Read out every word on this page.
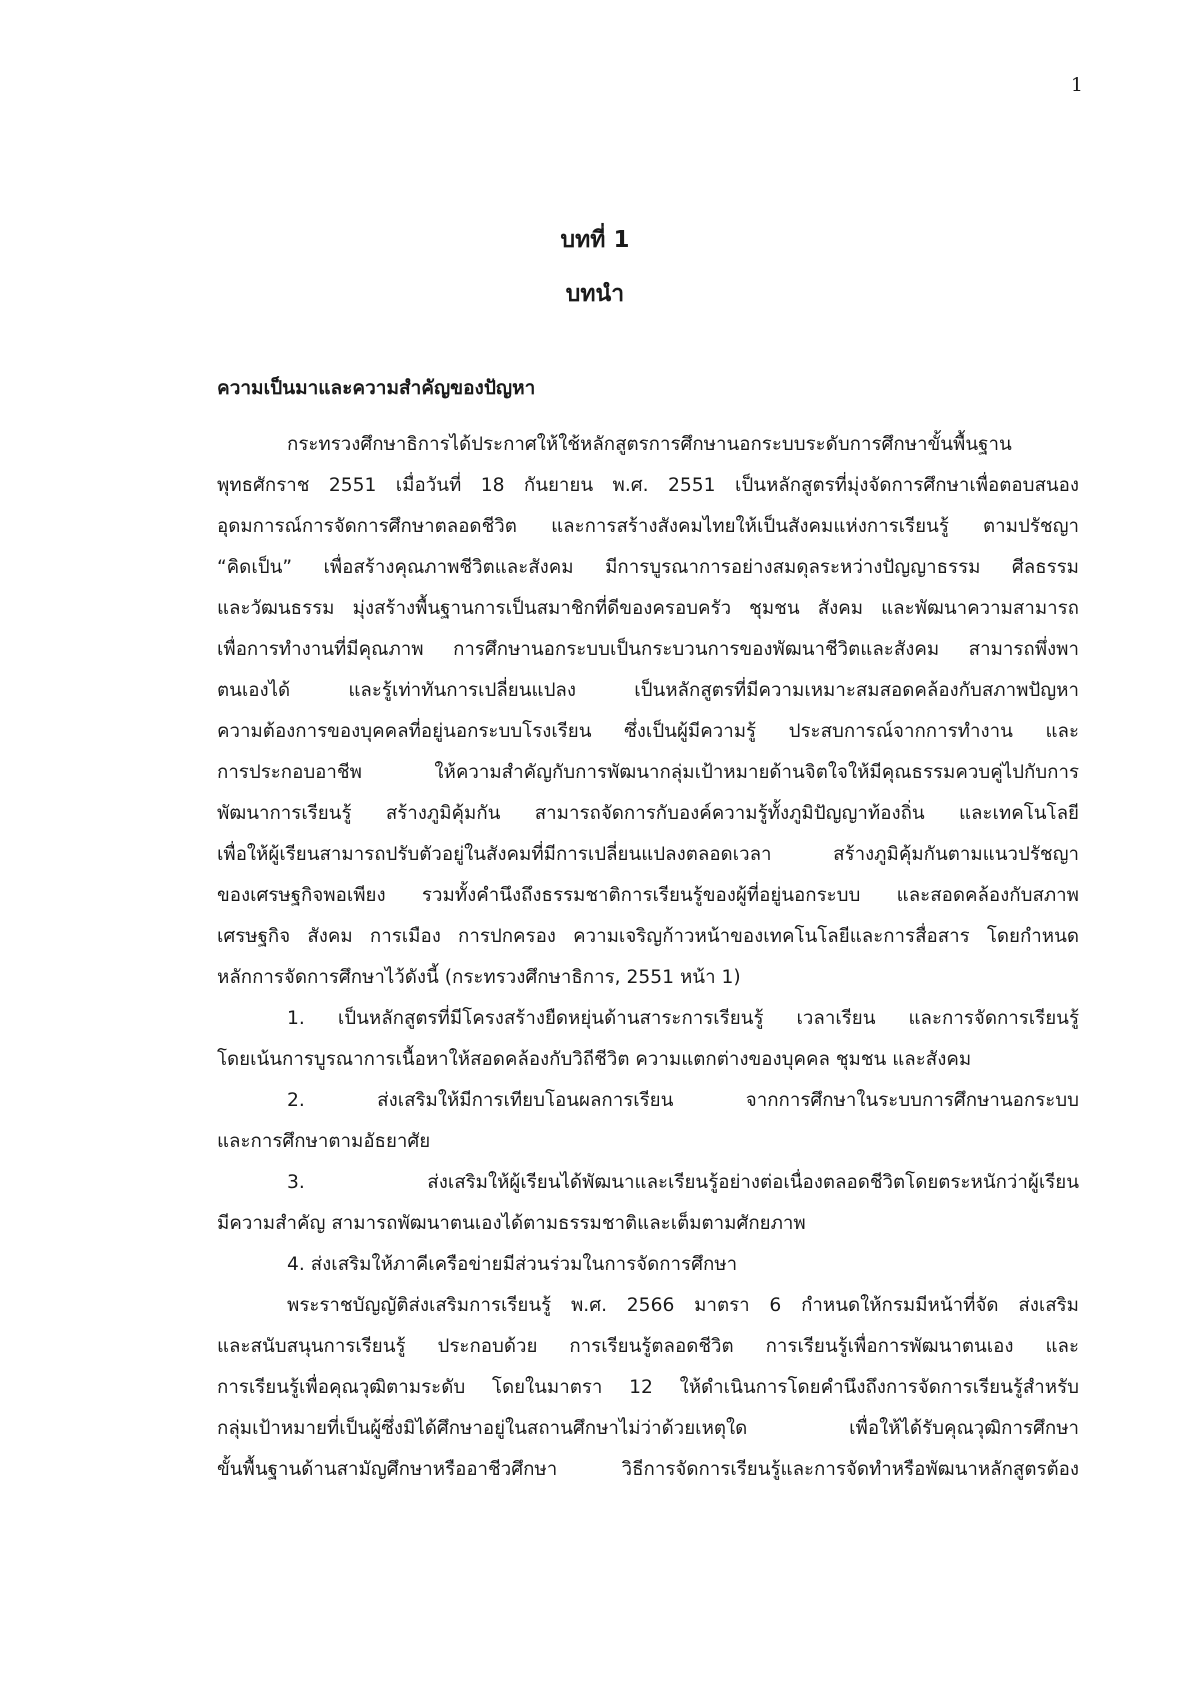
1
บทที่ 1
บทนำ
ความเป็นมาและความสำคัญของปัญหา
กระทรวงศึกษาธิการได้ประกาศให้ใช้หลักสูตรการศึกษานอกระบบระดับการศึกษาขั้นพื้นฐาน
พุทธศักราช 2551 เมื่อวันที่ 18 กันยายน พ.ศ. 2551 เป็นหลักสูตรที่มุ่งจัดการศึกษาเพื่อตอบสนอง
อุดมการณ์การจัดการศึกษาตลอดชีวิต และการสร้างสังคมไทยให้เป็นสังคมแห่งการเรียนรู้ ตามปรัชญา
“คิดเป็น” เพื่อสร้างคุณภาพชีวิตและสังคม มีการบูรณาการอย่างสมดุลระหว่างปัญญาธรรม ศีลธรรม
และวัฒนธรรม มุ่งสร้างพื้นฐานการเป็นสมาชิกที่ดีของครอบครัว ชุมชน สังคม และพัฒนาความสามารถ
เพื่อการทำงานที่มีคุณภาพ การศึกษานอกระบบเป็นกระบวนการของพัฒนาชีวิตและสังคม สามารถพึ่งพา
ตนเองได้ และรู้เท่าทันการเปลี่ยนแปลง เป็นหลักสูตรที่มีความเหมาะสมสอดคล้องกับสภาพปัญหา
ความต้องการของบุคคลที่อยู่นอกระบบโรงเรียน ซึ่งเป็นผู้มีความรู้ ประสบการณ์จากการทำงาน และ
การประกอบอาชีพ ให้ความสำคัญกับการพัฒนากลุ่มเป้าหมายด้านจิตใจให้มีคุณธรรมควบคู่ไปกับการ
พัฒนาการเรียนรู้ สร้างภูมิคุ้มกัน สามารถจัดการกับองค์ความรู้ทั้งภูมิปัญญาท้องถิ่น และเทคโนโลยี
เพื่อให้ผู้เรียนสามารถปรับตัวอยู่ในสังคมที่มีการเปลี่ยนแปลงตลอดเวลา สร้างภูมิคุ้มกันตามแนวปรัชญา
ของเศรษฐกิจพอเพียง รวมทั้งคำนึงถึงธรรมชาติการเรียนรู้ของผู้ที่อยู่นอกระบบ และสอดคล้องกับสภาพ
เศรษฐกิจ สังคม การเมือง การปกครอง ความเจริญก้าวหน้าของเทคโนโลยีและการสื่อสาร โดยกำหนด
หลักการจัดการศึกษาไว้ดังนี้ (กระทรวงศึกษาธิการ, 2551 หน้า 1)
1. เป็นหลักสูตรที่มีโครงสร้างยืดหยุ่นด้านสาระการเรียนรู้ เวลาเรียน และการจัดการเรียนรู้
โดยเน้นการบูรณาการเนื้อหาให้สอดคล้องกับวิถีชีวิต ความแตกต่างของบุคคล ชุมชน และสังคม
2. ส่งเสริมให้มีการเทียบโอนผลการเรียน จากการศึกษาในระบบการศึกษานอกระบบ
และการศึกษาตามอัธยาศัย
3. ส่งเสริมให้ผู้เรียนได้พัฒนาและเรียนรู้อย่างต่อเนื่องตลอดชีวิตโดยตระหนักว่าผู้เรียน
มีความสำคัญ สามารถพัฒนาตนเองได้ตามธรรมชาติและเต็มตามศักยภาพ
4. ส่งเสริมให้ภาคีเครือข่ายมีส่วนร่วมในการจัดการศึกษา
พระราชบัญญัติส่งเสริมการเรียนรู้ พ.ศ. 2566 มาตรา 6 กำหนดให้กรมมีหน้าที่จัด ส่งเสริม
และสนับสนุนการเรียนรู้ ประกอบด้วย การเรียนรู้ตลอดชีวิต การเรียนรู้เพื่อการพัฒนาตนเอง และ
การเรียนรู้เพื่อคุณวุฒิตามระดับ โดยในมาตรา 12 ให้ดำเนินการโดยคำนึงถึงการจัดการเรียนรู้สำหรับ
กลุ่มเป้าหมายที่เป็นผู้ซึ่งมิได้ศึกษาอยู่ในสถานศึกษาไม่ว่าด้วยเหตุใด เพื่อให้ได้รับคุณวุฒิการศึกษา
ขั้นพื้นฐานด้านสามัญศึกษาหรืออาชีวศึกษา วิธีการจัดการเรียนรู้และการจัดทำหรือพัฒนาหลักสูตรต้อง
